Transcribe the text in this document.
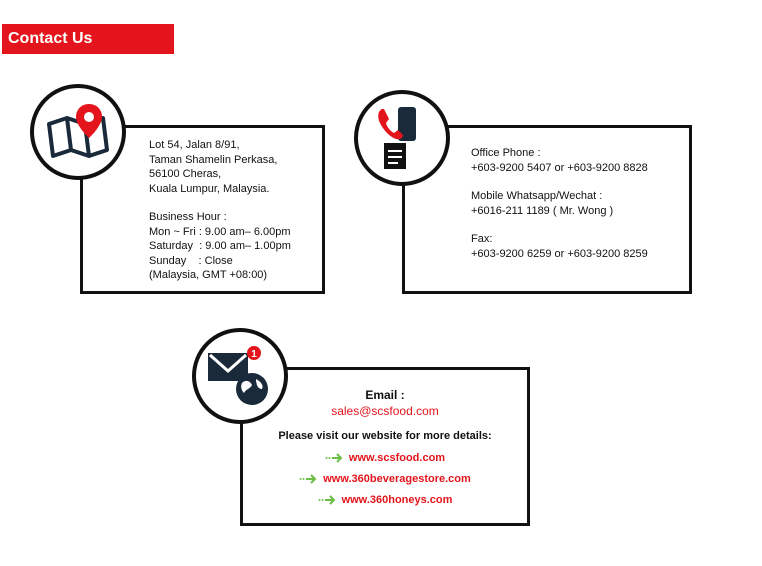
Contact Us
Lot 54, Jalan 8/91,
Taman Shamelin Perkasa,
56100 Cheras,
Kuala Lumpur, Malaysia.
Business Hour :
Mon ~ Fri : 9.00 am– 6.00pm
Saturday  : 9.00 am– 1.00pm
Sunday    : Close
(Malaysia, GMT +08:00)
Office Phone :
+603-9200 5407 or +603-9200 8828
Mobile Whatsapp/Wechat :
+6016-211 1189 ( Mr. Wong )
Fax:
+603-9200 6259 or +603-9200 8259
Email :
sales@scsfood.com
Please visit our website for more details:
www.scsfood.com
www.360beveragestore.com
www.360honeys.com
1
